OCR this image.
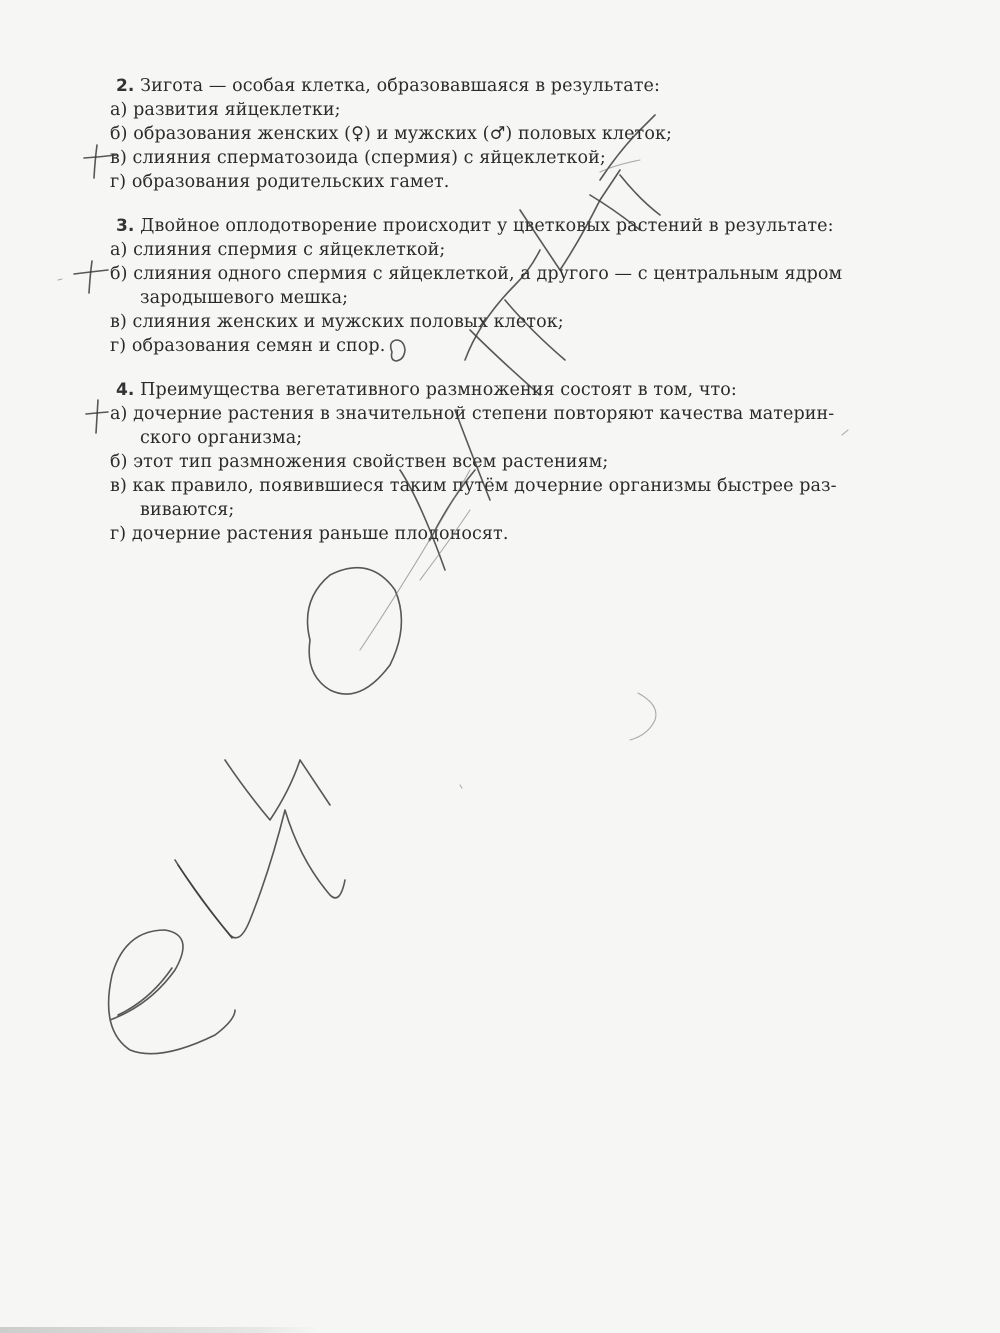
2. Зигота — особая клетка, образовавшаяся в результате:
а) развития яйцеклетки;
б) образования женских (♀) и мужских (♂) половых клеток;
в) слияния сперматозоида (спермия) с яйцеклеткой;
г) образования родительских гамет.
3. Двойное оплодотворение происходит у цветковых растений в результате:
а) слияния спермия с яйцеклеткой;
б) слияния одного спермия с яйцеклеткой, а другого — с центральным ядром
зародышевого мешка;
в) слияния женских и мужских половых клеток;
г) образования семян и спор.
4. Преимущества вегетативного размножения состоят в том, что:
а) дочерние растения в значительной степени повторяют качества материн-
ского организма;
б) этот тип размножения свойствен всем растениям;
в) как правило, появившиеся таким путём дочерние организмы быстрее раз-
виваются;
г) дочерние растения раньше плодоносят.
